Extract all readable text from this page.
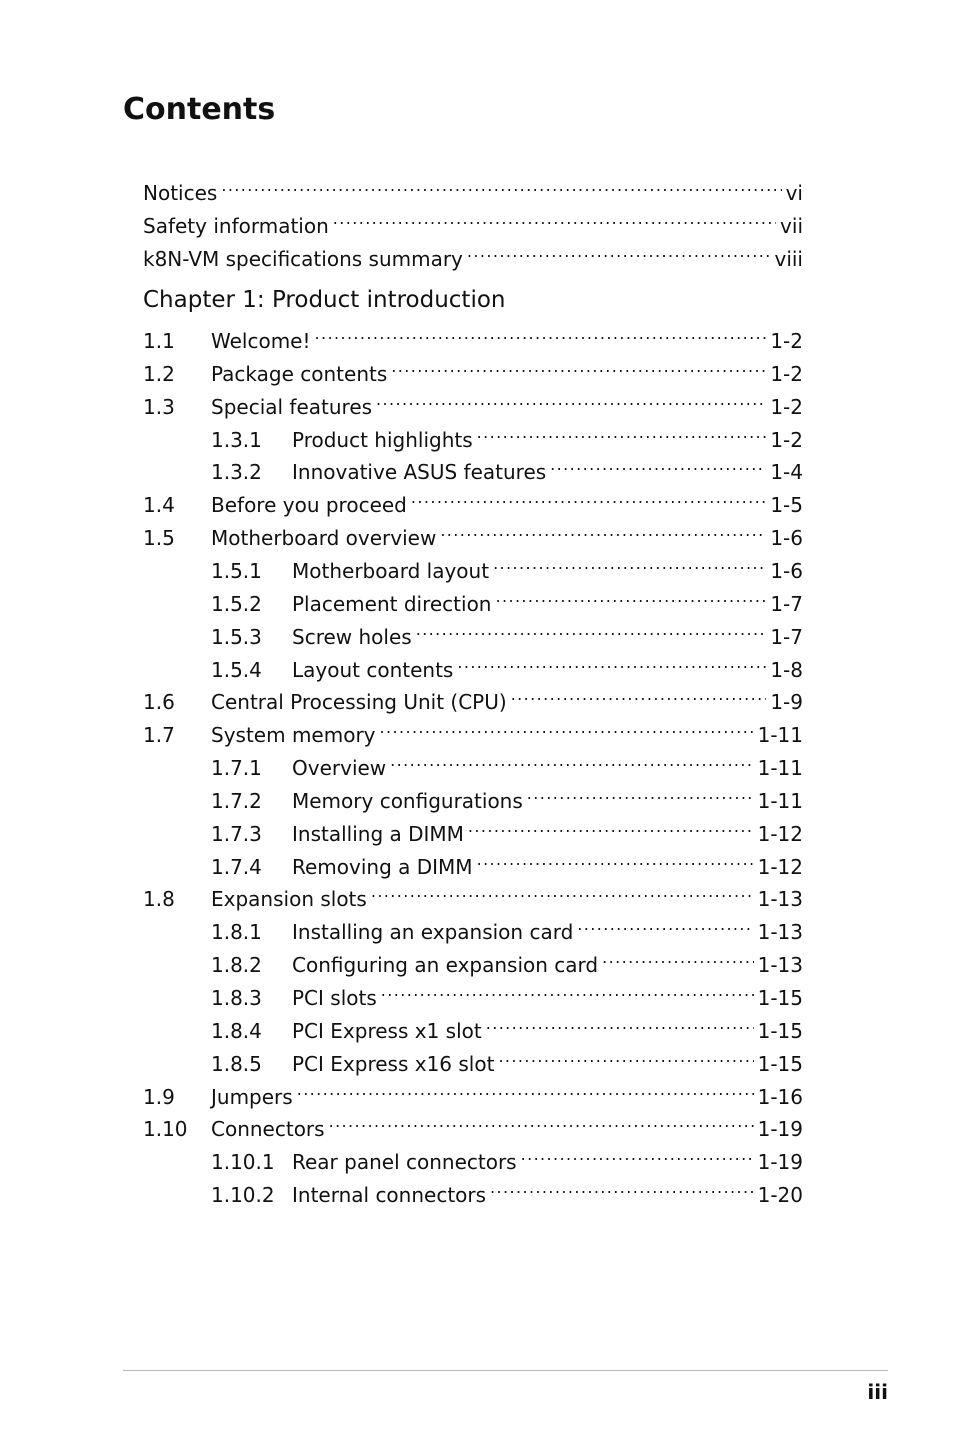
Contents
Notices .....	vi
Safety information .....	vii
k8N-VM specifications summary .....	viii
Chapter 1: Product introduction
1.1	Welcome! .....	1-2
1.2	Package contents .....	1-2
1.3	Special features .....	1-2
1.3.1	Product highlights .....	1-2
1.3.2	Innovative ASUS features .....	1-4
1.4	Before you proceed .....	1-5
1.5	Motherboard overview .....	1-6
1.5.1	Motherboard layout .....	1-6
1.5.2	Placement direction .....	1-7
1.5.3	Screw holes .....	1-7
1.5.4	Layout contents .....	1-8
1.6	Central Processing Unit (CPU) .....	1-9
1.7	System memory .....	1-11
1.7.1	Overview .....	1-11
1.7.2	Memory configurations .....	1-11
1.7.3	Installing a DIMM .....	1-12
1.7.4	Removing a DIMM .....	1-12
1.8	Expansion slots .....	1-13
1.8.1	Installing an expansion card .....	1-13
1.8.2	Configuring an expansion card .....	1-13
1.8.3	PCI slots .....	1-15
1.8.4	PCI Express x1 slot .....	1-15
1.8.5	PCI Express x16 slot .....	1-15
1.9	Jumpers .....	1-16
1.10	Connectors .....	1-19
1.10.1 Rear panel connectors .....	1-19
1.10.2 Internal connectors .....	1-20
iii
